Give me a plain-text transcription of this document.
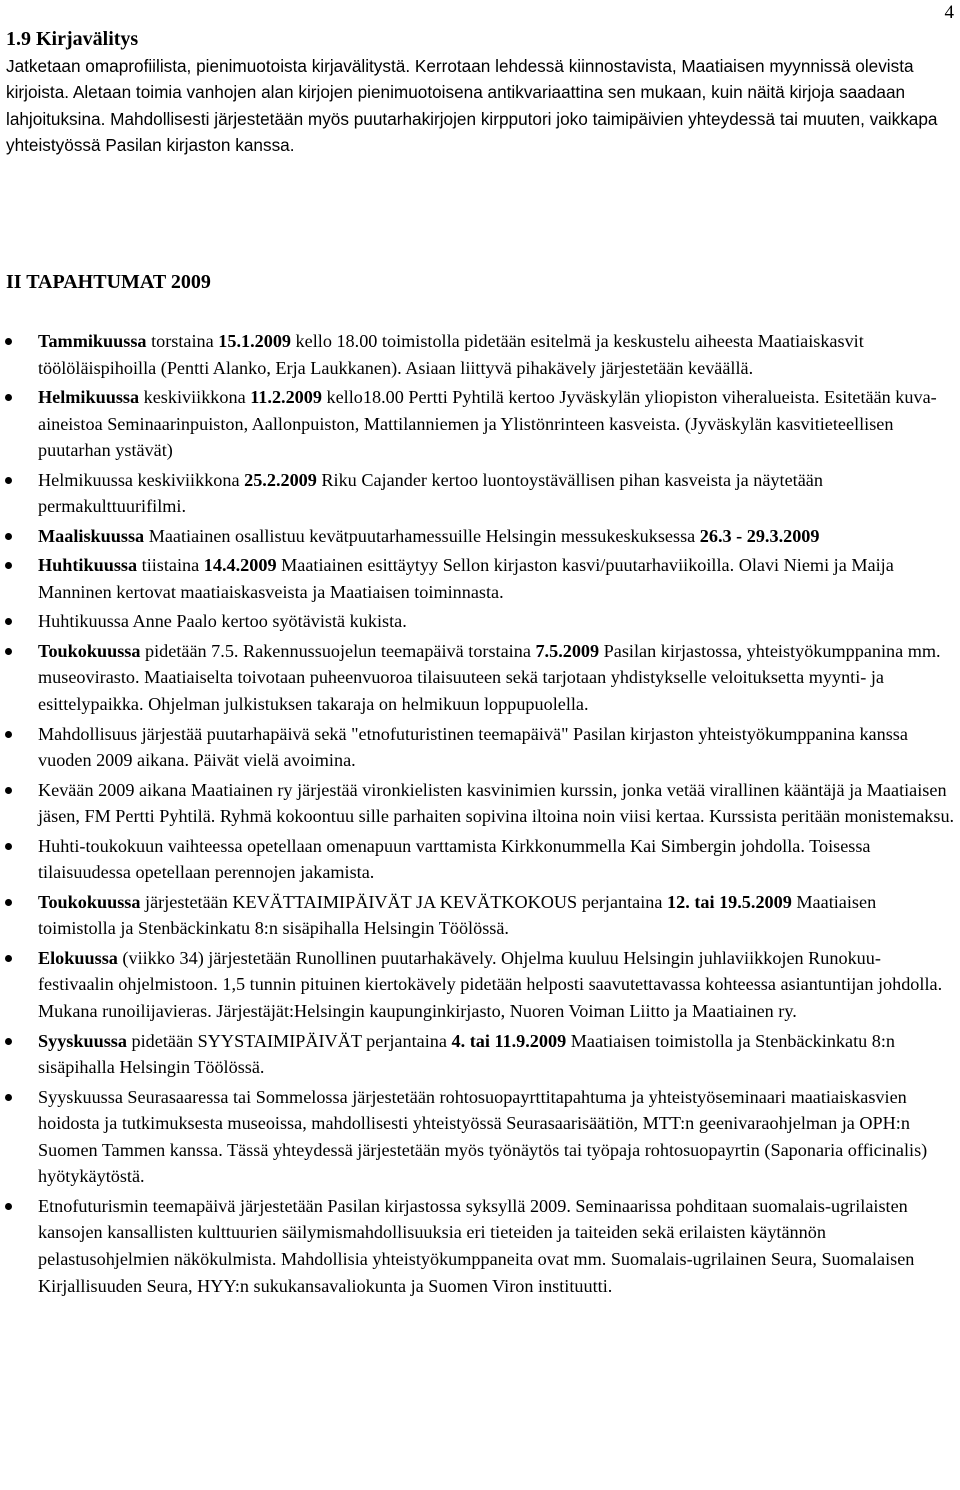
4
1.9 Kirjavälitys

Jatketaan omaprofiilista, pienimuotoista kirjavälitystä. Kerrotaan lehdessä kiinnostavista, Maatiaisen myynnissä olevista kirjoista. Aletaan toimia vanhojen alan kirjojen pienimuotoisena antikvariaattina sen mukaan, kuin näitä kirjoja saadaan lahjoituksina. Mahdollisesti järjestetään myös puutarhakirjojen kirpputori joko taimipäivien yhteydessä tai muuten, vaikkapa yhteistyössä Pasilan kirjaston kanssa.

II TAPAHTUMAT 2009
Tammikuussa torstaina 15.1.2009 kello 18.00 toimistolla pidetään esitelmä ja keskustelu aiheesta Maatiaiskasvit töölöläispihoilla (Pentti Alanko, Erja Laukkanen). Asiaan liittyvä pihakävely järjestetään keväällä.
Helmikuussa keskiviikkona 11.2.2009 kello18.00 Pertti Pyhtilä kertoo Jyväskylän yliopiston viheralueista. Esitetään kuva-aineistoa Seminaarinpuiston, Aallonpuiston, Mattilanniemen ja Ylistönrinteen kasveista. (Jyväskylän kasvitieteellisen puutarhan ystävät)
Helmikuussa keskiviikkona 25.2.2009 Riku Cajander kertoo luontoystävällisen pihan kasveista ja näytetään permakulttuurifilmi.
Maaliskuussa Maatiainen osallistuu kevätpuutarhamessuille Helsingin messukeskuksessa 26.3 - 29.3.2009
Huhtikuussa tiistaina 14.4.2009 Maatiainen esittäytyy Sellon kirjaston kasvi/puutarhaviikoilla. Olavi Niemi ja Maija Manninen kertovat maatiaiskasveista ja Maatiaisen toiminnasta.
Huhtikuussa Anne Paalo kertoo syötävistä kukista.
Toukokuussa pidetään 7.5. Rakennussuojelun teemapäivä torstaina 7.5.2009 Pasilan kirjastossa, yhteistyökumppanina mm. museovirasto. Maatiaiselta toivotaan puheenvuoroa tilaisuuteen sekä tarjotaan yhdistykselle veloituksetta myynti- ja esittelypaikka. Ohjelman julkistuksen takaraja on helmikuun loppupuolella.
Mahdollisuus järjestää puutarhapäivä sekä "etnofuturistinen teemapäivä" Pasilan kirjaston yhteistyökumppanina kanssa vuoden 2009 aikana. Päivät vielä avoimina.
Kevään 2009 aikana Maatiainen ry järjestää vironkielisten kasvinimien kurssin, jonka vetää virallinen kääntäjä ja Maatiaisen jäsen, FM Pertti Pyhtilä. Ryhmä kokoontuu sille parhaiten sopivina iltoina noin viisi kertaa. Kurssista peritään monistemaksu.
Huhti-toukokuun vaihteessa opetellaan omenapuun varttamista Kirkkonummella Kai Simbergin johdolla. Toisessa tilaisuudessa opetellaan perennojen jakamista.
Toukokuussa järjestetään KEVÄTTAIMIPÄIVÄT JA KEVÄTKOKOUS perjantaina 12. tai 19.5.2009 Maatiaisen toimistolla ja Stenbäckinkatu 8:n sisäpihalla Helsingin Töölössä.
Elokuussa (viikko 34) järjestetään Runollinen puutarhakävely. Ohjelma kuuluu Helsingin juhlaviikkojen Runokuu-festivaalin ohjelmistoon. 1,5 tunnin pituinen kiertokävely pidetään helposti saavutettavassa kohteessa asiantuntijan johdolla. Mukana runoilijavieras. Järjestäjät:Helsingin kaupunginkirjasto, Nuoren Voiman Liitto ja Maatiainen ry.
Syyskuussa pidetään SYYSTAIMIPÄIVÄT perjantaina 4. tai 11.9.2009 Maatiaisen toimistolla ja Stenbäckinkatu 8:n sisäpihalla Helsingin Töölössä.
Syyskuussa Seurasaaressa tai Sommelossa järjestetään rohtosuopayrttitapahtuma ja yhteistyöseminaari maatiaiskasvien hoidosta ja tutkimuksesta museoissa, mahdollisesti yhteistyössä Seurasaarisäätiön, MTT:n geenivaraohjelman ja OPH:n Suomen Tammen kanssa. Tässä yhteydessä järjestetään myös työnäytös tai työpaja rohtosuopayrtin (Saponaria officinalis) hyötykäytöstä.
Etnofuturismin teemapäivä järjestetään Pasilan kirjastossa syksyllä 2009. Seminaarissa pohditaan suomalais-ugrilaisten kansojen kansallisten kulttuurien säilymismahdollisuuksia eri tieteiden ja taiteiden sekä erilaisten käytännön pelastusohjelmien näkökulmista. Mahdollisia yhteistyökumppaneita ovat mm. Suomalais-ugrilainen Seura, Suomalaisen Kirjallisuuden Seura, HYY:n sukukansavaliokunta ja Suomen Viron instituutti.
